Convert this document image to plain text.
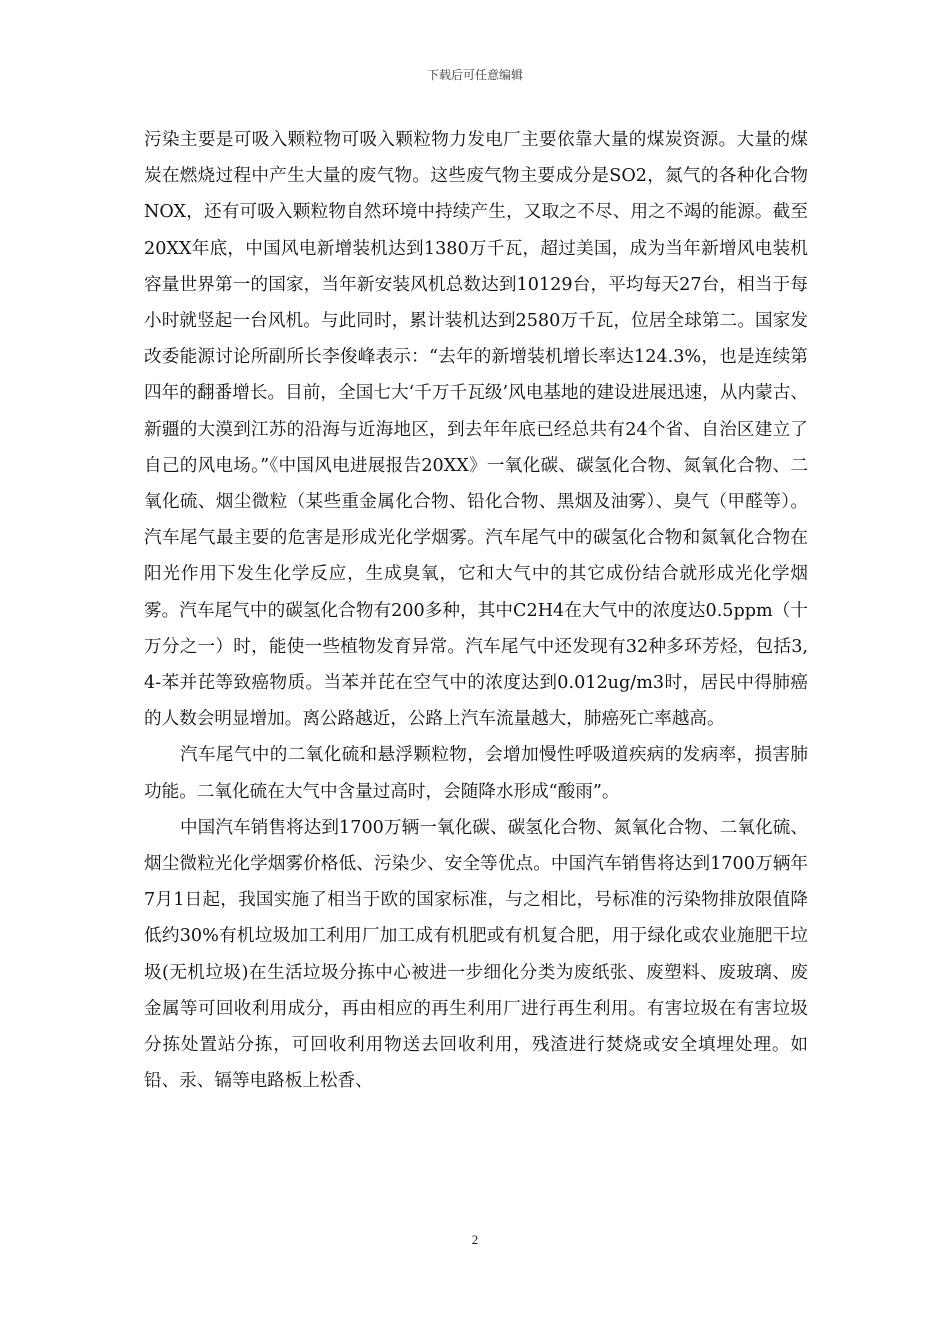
下载后可任意编辑

污染主要是可吸入颗粒物可吸入颗粒物力发电厂主要依靠大量的煤炭资源。大量的煤炭在燃烧过程中产生大量的废气物。这些废气物主要成分是SO2，氮气的各种化合物NOX，还有可吸入颗粒物自然环境中持续产生，又取之不尽、用之不竭的能源。截至20XX年底，中国风电新增装机达到1380万千瓦，超过美国，成为当年新增风电装机容量世界第一的国家，当年新安装风机总数达到10129台，平均每天27台，相当于每小时就竖起一台风机。与此同时，累计装机达到2580万千瓦，位居全球第二。国家发改委能源讨论所副所长李俊峰表示：“去年的新增装机增长率达124.3%，也是连续第四年的翻番增长。目前，全国七大‘千万千瓦级’风电基地的建设进展迅速，从内蒙古、新疆的大漠到江苏的沿海与近海地区，到去年年底已经总共有24个省、自治区建立了自己的风电场。”《中国风电进展报告20XX》一氧化碳、碳氢化合物、氮氧化合物、二氧化硫、烟尘微粒（某些重金属化合物、铅化合物、黑烟及油雾）、臭气（甲醛等）。汽车尾气最主要的危害是形成光化学烟雾。汽车尾气中的碳氢化合物和氮氧化合物在阳光作用下发生化学反应，生成臭氧，它和大气中的其它成份结合就形成光化学烟雾。汽车尾气中的碳氢化合物有200多种，其中C2H4在大气中的浓度达0.5ppm（十万分之一）时，能使一些植物发育异常。汽车尾气中还发现有32种多环芳烃，包括3,4-苯并芘等致癌物质。当苯并芘在空气中的浓度达到0.012ug/m3时，居民中得肺癌的人数会明显增加。离公路越近，公路上汽车流量越大，肺癌死亡率越高。

汽车尾气中的二氧化硫和悬浮颗粒物，会增加慢性呼吸道疾病的发病率，损害肺功能。二氧化硫在大气中含量过高时，会随降水形成“酸雨”。

中国汽车销售将达到1700万辆一氧化碳、碳氢化合物、氮氧化合物、二氧化硫、烟尘微粒光化学烟雾价格低、污染少、安全等优点。中国汽车销售将达到1700万辆年7月1日起，我国实施了相当于欧的国家标准，与之相比，号标准的污染物排放限值降低约30%有机垃圾加工利用厂加工成有机肥或有机复合肥，用于绿化或农业施肥干垃圾(无机垃圾)在生活垃圾分拣中心被进一步细化分类为废纸张、废塑料、废玻璃、废金属等可回收利用成分，再由相应的再生利用厂进行再生利用。有害垃圾在有害垃圾分拣处置站分拣，可回收利用物送去回收利用，残渣进行焚烧或安全填埋处理。如铅、汞、镉等电路板上松香、

2
